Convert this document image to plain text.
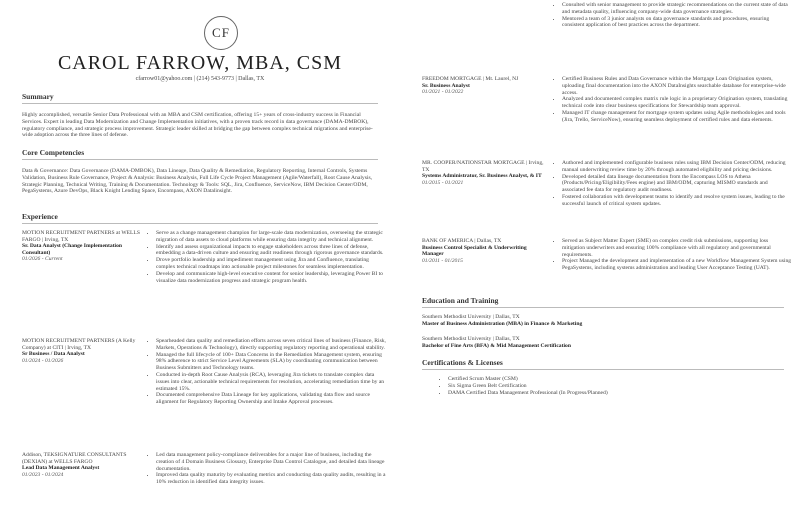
CF
CAROL FARROW, MBA, CSM
cfarrow01@yahoo.com | (214) 543-9773 | Dallas, TX
Summary
Highly accomplished, versatile Senior Data Professional with an MBA and CSM certification, offering 15+ years of cross-industry success in Financial Services. Expert in leading Data Modernization and Change Implementation initiatives, with a proven track record in data governance (DAMA-DMBOK), regulatory compliance, and strategic process improvement. Strategic leader skilled at bridging the gap between complex technical migrations and enterprise-wide adoption across the three lines of defense.
Core Competencies
Data & Governance: Data Governance (DAMA-DMBOK), Data Lineage, Data Quality & Remediation, Regulatory Reporting, Internal Controls, Systems Validation, Business Rule Governance, Project & Analysis: Business Analysis, Full Life Cycle Project Management (Agile/Waterfall), Root Cause Analysis, Strategic Planning, Technical Writing, Training & Documentation. Technology & Tools: SQL, Jira, Confluence, ServiceNow, IBM Decision Center/ODM, PegaSystems, Azure DevOps, Black Knight Lending Space, Encompass, AXON Datalinsight.
Experience
MOTION RECRUITMENT PARTNERS at WELLS FARGO | Irving, TX
Sr. Data Analyst (Change Implementation Consultant)
01/2026 - Current
• Serve as a change management champion for large-scale data modernization, overseeing the strategic migration of data assets to cloud platforms while ensuring data integrity and technical alignment.
• Identify and assess organizational impacts to engage stakeholders across three lines of defense, embedding a data-driven culture and ensuring audit readiness through rigorous governance standards.
• Drove portfolio leadership and impediment management using Jira and Confluence, translating complex technical roadmaps into actionable project milestones for seamless implementation.
• Develop and communicate high-level executive content for senior leadership, leveraging Power BI to visualize data modernization progress and strategic program health.
MOTION RECRUITMENT PARTNERS (A Kelly Company) at CITI | Irving, TX
Sr Business / Data Analyst
01/2024 - 01/2026
• Spearheaded data quality and remediation efforts across seven critical lines of business (Finance, Risk, Markets, Operations & Technology), directly supporting regulatory reporting and operational stability.
• Managed the full lifecycle of 100+ Data Concerns in the Remediation Management system, ensuring 98% adherence to strict Service Level Agreements (SLA) by coordinating communication between Business Submitters and Technology teams.
• Conducted in-depth Root Cause Analysis (RCA), leveraging Jira tickets to translate complex data issues into clear, actionable technical requirements for resolution, accelerating remediation time by an estimated 15%.
• Documented comprehensive Data Lineage for key applications, validating data flow and source alignment for Regulatory Reporting Ownership and Intake Approval processes.
Addison, TEKSIGNATURE CONSULTANTS (DEXIAN) at WELLS FARGO
Lead Data Management Analyst
01/2023 - 01/2024
• Led data management policy-compliance deliverables for a major line of business, including the creation of 4 Domain Business Glossary, Enterprise Data Control Catalogue, and detailed data lineage documentation.
• Improved data quality maturity by evaluating metrics and conducting data quality audits, resulting in a 10% reduction in identified data integrity issues.
• Consulted with senior management to provide strategic recommendations on the current state of data and metadata quality, influencing company-wide data governance strategies.
• Mentored a team of 3 junior analysts on data governance standards and procedures, ensuring consistent application of best practices across the department.
FREEDOM MORTGAGE | Mt. Laurel, NJ
Sr. Business Analyst
01/2021 - 01/2022
• Certified Business Rules and Data Governance within the Mortgage Loan Origination system, uploading final documentation into the AXON DataInsights searchable database for enterprise-wide access.
• Analyzed and documented complex matrix rule logic in a proprietary Origination system, translating technical code into clear business specifications for Stewardship team approval.
• Managed IT change management for mortgage system updates using Agile methodologies and tools (Jira, Trello, ServiceNow), ensuring seamless deployment of certified rules and data elements.
MR. COOPER/NATIONSTAR MORTGAGE | Irving, TX
Systems Administrator, Sr. Business Analyst, & IT
01/2015 - 01/2021
• Authored and implemented configurable business rules using IBM Decision Center/ODM, reducing manual underwriting review time by 20% through automated eligibility and pricing decisions.
• Developed detailed data lineage documentation from the Encompass LOS to Athena (Products/Pricing/Eligibility/Fees engine) and IBM/ODM, capturing MISMO standards and associated fee data for regulatory audit readiness.
• Fostered collaboration with development teams to identify and resolve system issues, leading to the successful launch of critical system updates.
BANK OF AMERICA | Dallas, TX
Business Control Specialist & Underwriting Manager
01/2011 - 01/2015
• Served as Subject Matter Expert (SME) on complex credit risk submissions, supporting loss mitigation underwriters and ensuring 100% compliance with all regulatory and governmental requirements.
• Project Managed the development and implementation of a new Workflow Management System using PegaSystems, including systems administration and leading User Acceptance Testing (UAT).
Education and Training
Southern Methodist University | Dallas, TX
Master of Business Administration (MBA) in Finance & Marketing
Southern Methodist University | Dallas, TX
Bachelor of Fine Arts (BFA) & Mid Management Certification
Certifications & Licenses
• Certified Scrum Master (CSM)
• Six Sigma Green Belt Certification
• DAMA Certified Data Management Professional (In Progress/Planned)
